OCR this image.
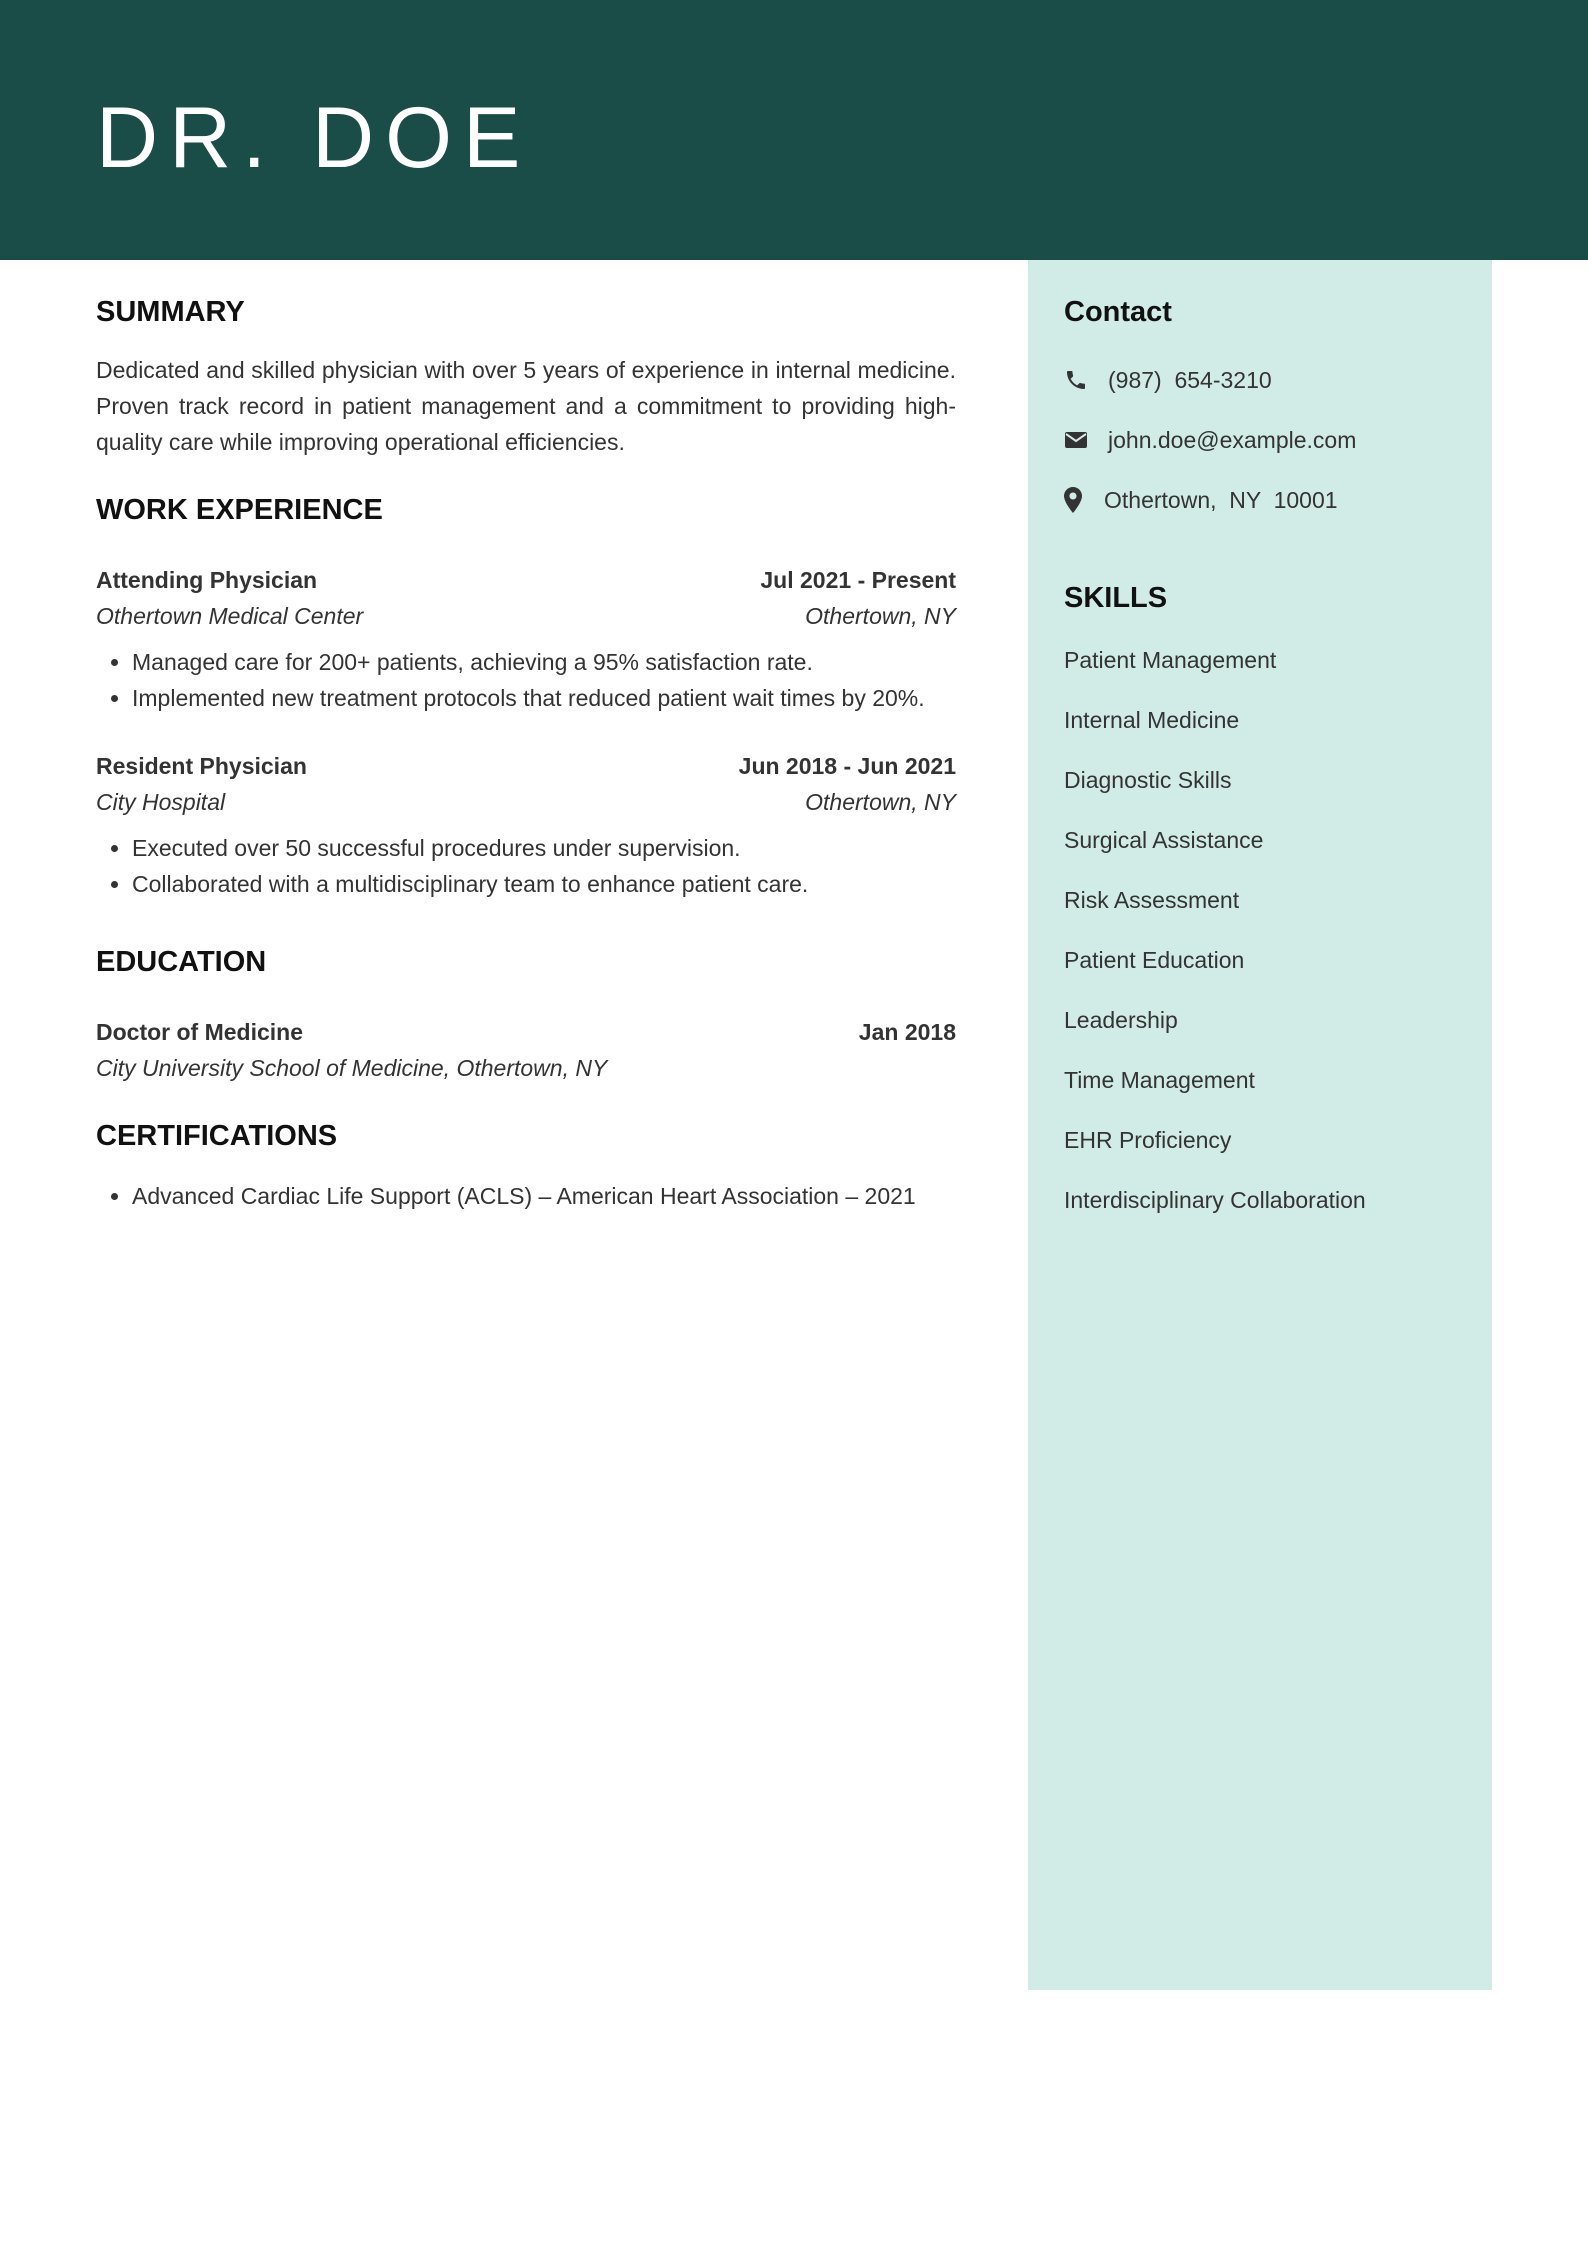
DR. DOE
SUMMARY

Dedicated and skilled physician with over 5 years of experience in internal medicine. Proven track record in patient management and a commitment to providing high-quality care while improving operational efficiencies.

WORK EXPERIENCE
Attending Physician	Jul 2021 - Present
Othertown Medical Center	Othertown, NY
• Managed care for 200+ patients, achieving a 95% satisfaction rate.
• Implemented new treatment protocols that reduced patient wait times by 20%.
Resident Physician	Jun 2018 - Jun 2021
City Hospital	Othertown, NY
• Executed over 50 successful procedures under supervision.
• Collaborated with a multidisciplinary team to enhance patient care.
EDUCATION
Doctor of Medicine	Jan 2018
City University School of Medicine, Othertown, NY
CERTIFICATIONS
• Advanced Cardiac Life Support (ACLS) – American Heart Association – 2021
Contact
(987)  654-3210
john.doe@example.com
Othertown,  NY  10001
SKILLS
Patient Management
Internal Medicine
Diagnostic Skills
Surgical Assistance
Risk Assessment
Patient Education
Leadership
Time Management
EHR Proficiency
Interdisciplinary Collaboration
